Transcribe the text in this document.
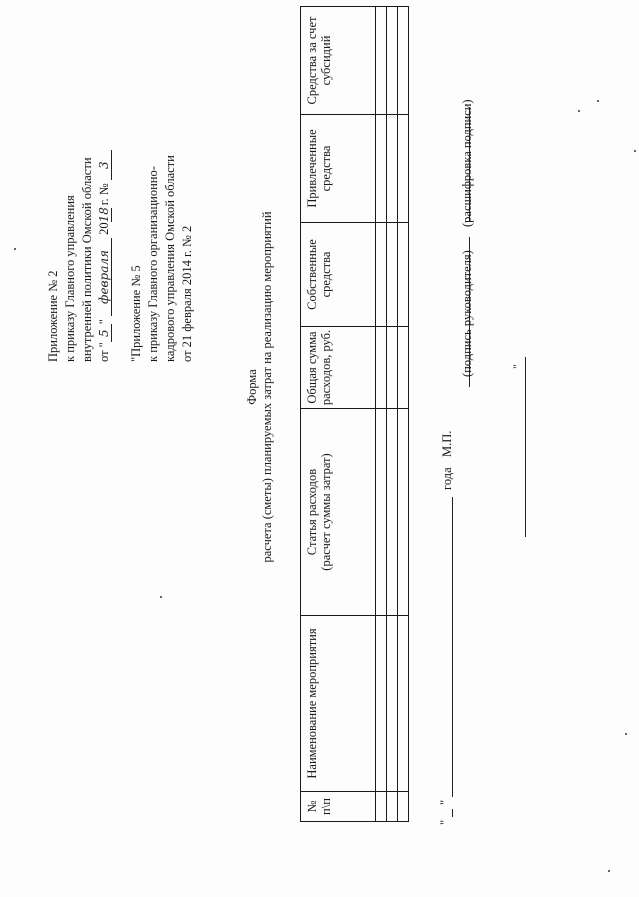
Приложение № 2 к приказу Главного управления внутренней политики Омской области от "5" февраля 2018 г. № 3
"Приложение № 5 к приказу Главного организационно- кадрового управления Омской области от 21 февраля 2014 г. № 2
Форма расчета (сметы) планируемых затрат на реализацию мероприятий
№ п\п	Наименование мероприятия	Статья расходов (расчет суммы затрат)	Общая сумма расходов, руб.	Собственные средства	Привлеченные средства	Средства за счет субсидий

"
"
года
М.П.
"
(подпись руководителя)
(расшифровка подписи)
